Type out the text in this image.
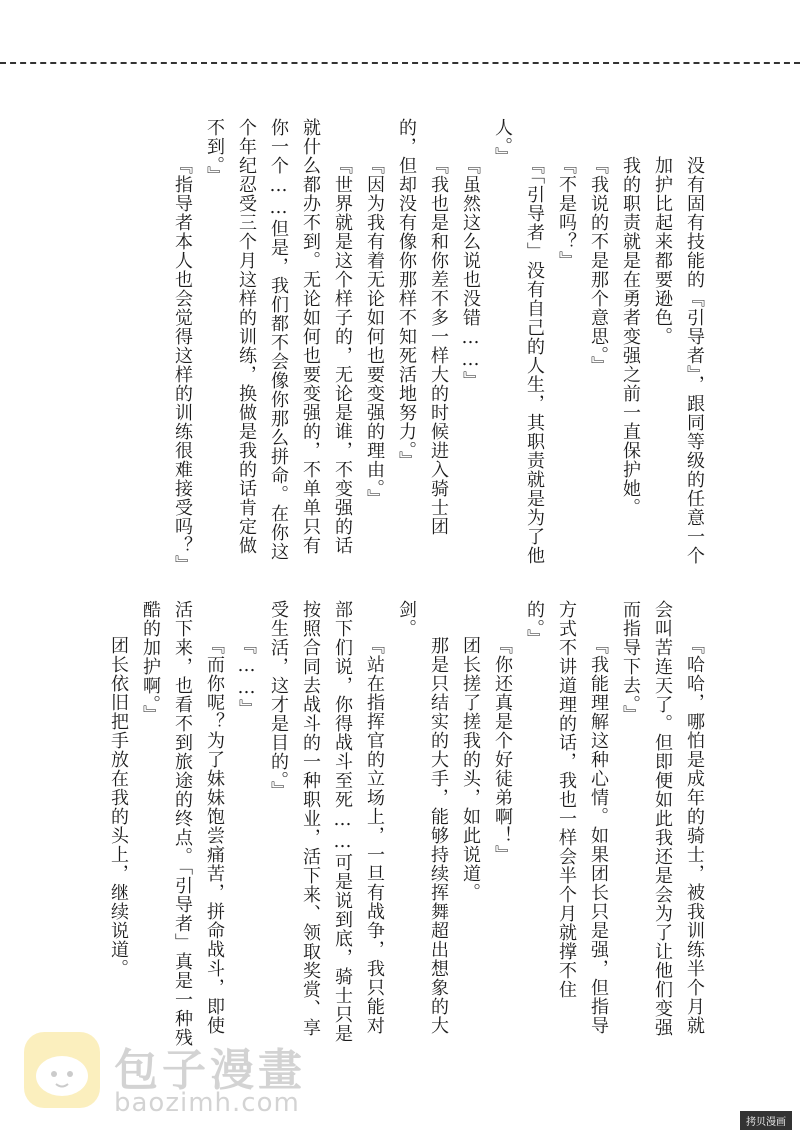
没有固有技能的『引导者』，跟同等级的任意一个
加护比起来都要逊色。
我的职责就是在勇者变强之前一直保护她。
『我说的不是那个意思。』
『不是吗？』
『「引导者」没有自己的人生，其职责就是为了他
人。』
『虽然这么说也没错……』
『我也是和你差不多一样大的时候进入骑士团
的，但却没有像你那样不知死活地努力。』
『因为我有着无论如何也要变强的理由。』
『世界就是这个样子的，无论是谁，不变强的话
就什么都办不到。无论如何也要变强的，不单单只有
你一个……但是，我们都不会像你那么拼命。在你这
个年纪忍受三个月这样的训练，换做是我的话肯定做
不到。』
『指导者本人也会觉得这样的训练很难接受吗？』
『哈哈，哪怕是成年的骑士，被我训练半个月就
会叫苦连天了。但即便如此我还是会为了让他们变强
而指导下去。』
『我能理解这种心情。如果团长只是强，但指导
方式不讲道理的话，我也一样会半个月就撑不住
的。』
『你还真是个好徒弟啊！』
团长搓了搓我的头，如此说道。
那是只结实的大手，能够持续挥舞超出想象的大
剑。
『站在指挥官的立场上，一旦有战争，我只能对
部下们说，你得战斗至死……可是说到底，骑士只是
按照合同去战斗的一种职业，活下来、领取奖赏、享
受生活，这才是目的。』
『……』
『而你呢？为了妹妹饱尝痛苦，拼命战斗，即使
活下来，也看不到旅途的终点。「引导者」真是一种残
酷的加护啊。』
团长依旧把手放在我的头上，继续说道。
包子漫畫
baozimh.com
拷贝漫画
